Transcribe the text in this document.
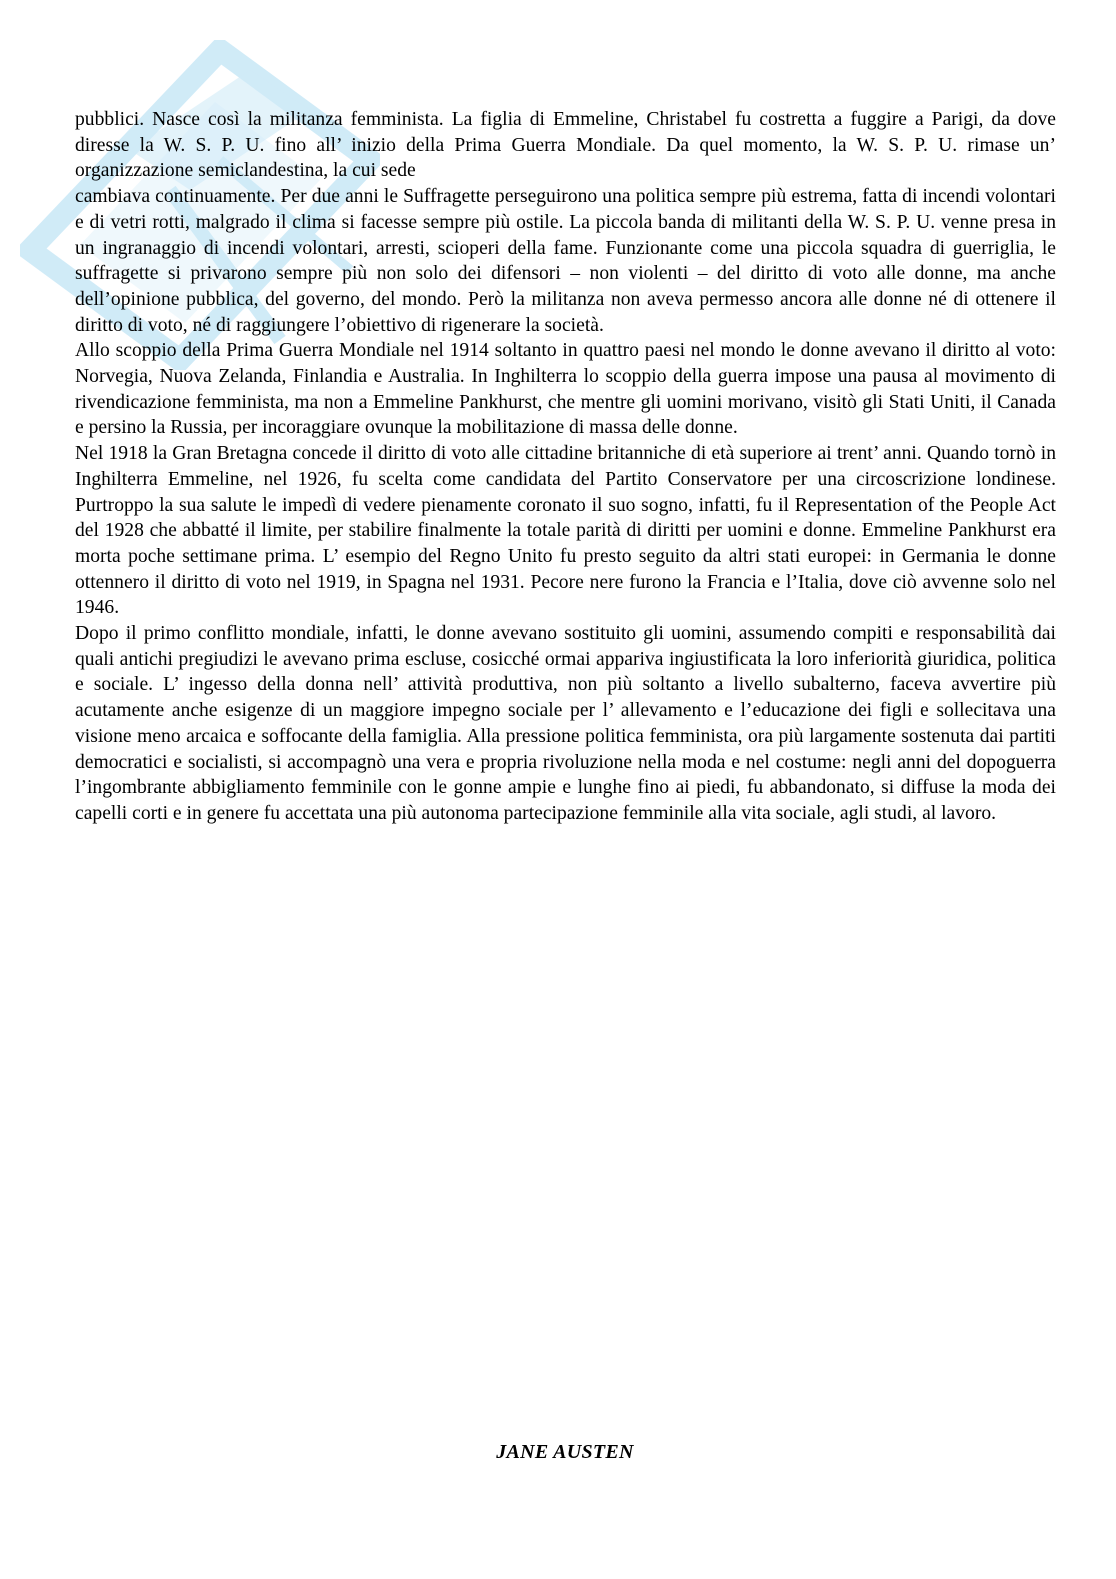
pubblici. Nasce così la militanza femminista. La figlia di Emmeline, Christabel fu costretta a fuggire a Parigi, da dove diresse la W. S. P. U. fino all’ inizio della Prima Guerra Mondiale. Da quel momento, la W. S. P. U. rimase un’ organizzazione semiclandestina, la cui sede

cambiava continuamente. Per due anni le Suffragette perseguirono una politica sempre più estrema, fatta di incendi volontari e di vetri rotti, malgrado il clima si facesse sempre più ostile. La piccola banda di militanti della W. S. P. U. venne presa in un ingranaggio di incendi volontari, arresti, scioperi della fame. Funzionante come una piccola squadra di guerriglia, le suffragette si privarono sempre più non solo dei difensori – non violenti – del diritto di voto alle donne, ma anche dell’opinione pubblica, del governo, del mondo. Però la militanza non aveva permesso ancora alle donne né di ottenere il diritto di voto, né di raggiungere l’obiettivo di rigenerare la società.

Allo scoppio della Prima Guerra Mondiale nel 1914 soltanto in quattro paesi nel mondo le donne avevano il diritto al voto: Norvegia, Nuova Zelanda, Finlandia e Australia. In Inghilterra lo scoppio della guerra impose una pausa al movimento di rivendicazione femminista, ma non a Emmeline Pankhurst, che mentre gli uomini morivano, visitò gli Stati Uniti, il Canada e persino la Russia, per incoraggiare ovunque la mobilitazione di massa delle donne.

Nel 1918 la Gran Bretagna concede il diritto di voto alle cittadine britanniche di età superiore ai trent’ anni. Quando tornò in Inghilterra Emmeline, nel 1926, fu scelta come candidata del Partito Conservatore per una circoscrizione londinese. Purtroppo la sua salute le impedì di vedere pienamente coronato il suo sogno, infatti, fu il Representation of the People Act del 1928 che abbatté il limite, per stabilire finalmente la totale parità di diritti per uomini e donne. Emmeline Pankhurst era morta poche settimane prima. L’ esempio del Regno Unito fu presto seguito da altri stati europei: in Germania le donne ottennero il diritto di voto nel 1919, in Spagna nel 1931. Pecore nere furono la Francia e l’Italia, dove ciò avvenne solo nel 1946.

Dopo il primo conflitto mondiale, infatti, le donne avevano sostituito gli uomini, assumendo compiti e responsabilità dai quali antichi pregiudizi le avevano prima escluse, cosicché ormai appariva ingiustificata la loro inferiorità giuridica, politica e sociale. L’ ingesso della donna nell’ attività produttiva, non più soltanto a livello subalterno, faceva avvertire più acutamente anche esigenze di un maggiore impegno sociale per l’ allevamento e l’educazione dei figli e sollecitava una visione meno arcaica e soffocante della famiglia. Alla pressione politica femminista, ora più largamente sostenuta dai partiti democratici e socialisti, si accompagnò una vera e propria rivoluzione nella moda e nel costume: negli anni del dopoguerra l’ingombrante abbigliamento femminile con le gonne ampie e lunghe fino ai piedi, fu abbandonato, si diffuse la moda dei capelli corti e in genere fu accettata una più autonoma partecipazione femminile alla vita sociale, agli studi, al lavoro.

JANE AUSTEN
